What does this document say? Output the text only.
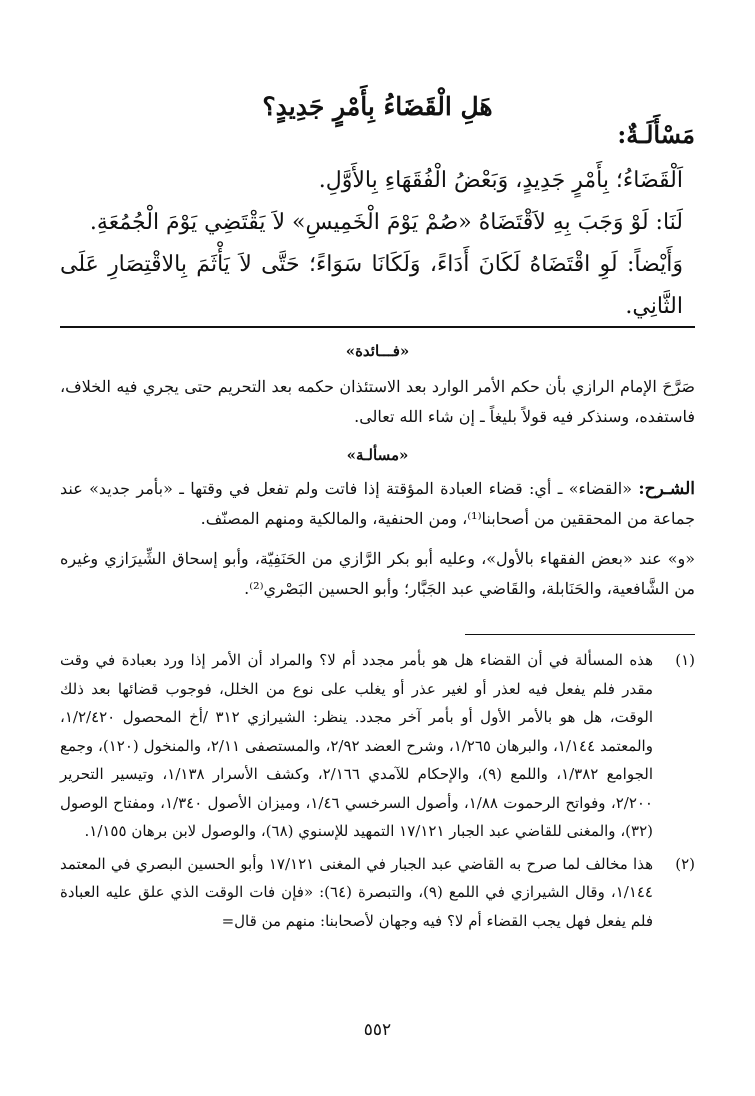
هَلِ الْقَضَاءُ بِأَمْرٍ جَدِيدٍ؟
مَسْأَلَـةٌ:

اَلْقَضَاءُ؛ بِأَمْرٍ جَدِيدٍ، وَبَعْضُ الْفُقَهَاءِ بِالأَوَّلِ.

لَنَا: لَوْ وَجَبَ بِهِ لاَقْتَضَاهُ «صُمْ يَوْمَ الْخَمِيسِ» لاَ يَقْتَضِي يَوْمَ الْجُمُعَةِ.

وَأَيْضاً: لَوِ اقْتَضَاهُ لَكَانَ أَدَاءً، وَلَكَانَا سَوَاءً؛ حَتَّى لاَ يَأْثَمَ بِالاقْتِصَارِ عَلَى الثَّانِي.

«فـــائدة»

صَرَّحَ الإمام الرازي بأن حكم الأمر الوارد بعد الاستئذان حكمه بعد التحريم حتى يجري فيه الخلاف، فاستفده، وسنذكر فيه قولاً بليغاً ـ إن شاء الله تعالى.

«مسألـة»

الشـرح: «القضاء» ـ أي: قضاء العبادة المؤقتة إذا فاتت ولم تفعل في وقتها ـ «بأمر جديد» عند جماعة من المحققين من أصحابنا⁽¹⁾، ومن الحنفية، والمالكية ومنهم المصنّف.

«و» عند «بعض الفقهاء بالأول»، وعليه أبو بكر الرَّازي من الحَنَفِيّة، وأبو إسحاق الشِّيرَازي وغيره من الشَّافعية، والحَنَابلة، والقَاضي عبد الجَبَّار؛ وأبو الحسين البَصْري⁽²⁾.

(١)
هذه المسألة في أن القضاء هل هو بأمر مجدد أم لا؟ والمراد أن الأمر إذا ورد بعبادة في وقت مقدر فلم يفعل فيه لعذر أو لغير عذر أو يغلب على نوع من الخلل، فوجوب قضائها بعد ذلك الوقت، هل هو بالأمر الأول أو بأمر آخر مجدد. ينظر: الشيرازي ٣١٢ /أخ المحصول ١/٢/٤٢٠، والمعتمد ١/١٤٤، والبرهان ١/٢٦٥، وشرح العضد ٢/٩٢، والمستصفى ٢/١١، والمنخول (١٢٠)، وجمع الجوامع ١/٣٨٢، واللمع (٩)، والإحكام للآمدي ٢/١٦٦، وكشف الأسرار ١/١٣٨، وتيسير التحرير ٢/٢٠٠، وفواتح الرحموت ١/٨٨، وأصول السرخسي ١/٤٦، وميزان الأصول ١/٣٤٠، ومفتاح الوصول (٣٢)، والمغنى للقاضي عبد الجبار ١٧/١٢١ التمهيد للإسنوي (٦٨)، والوصول لابن برهان ١/١٥٥.
(٢)
هذا مخالف لما صرح به القاضي عبد الجبار في المغنى ١٧/١٢١ وأبو الحسين البصري في المعتمد ١/١٤٤، وقال الشيرازي في اللمع (٩)، والتبصرة (٦٤): «فإن فات الوقت الذي علق عليه العبادة فلم يفعل فهل يجب القضاء أم لا؟ فيه وجهان لأصحابنا: منهم من قال=
٥٥٢
